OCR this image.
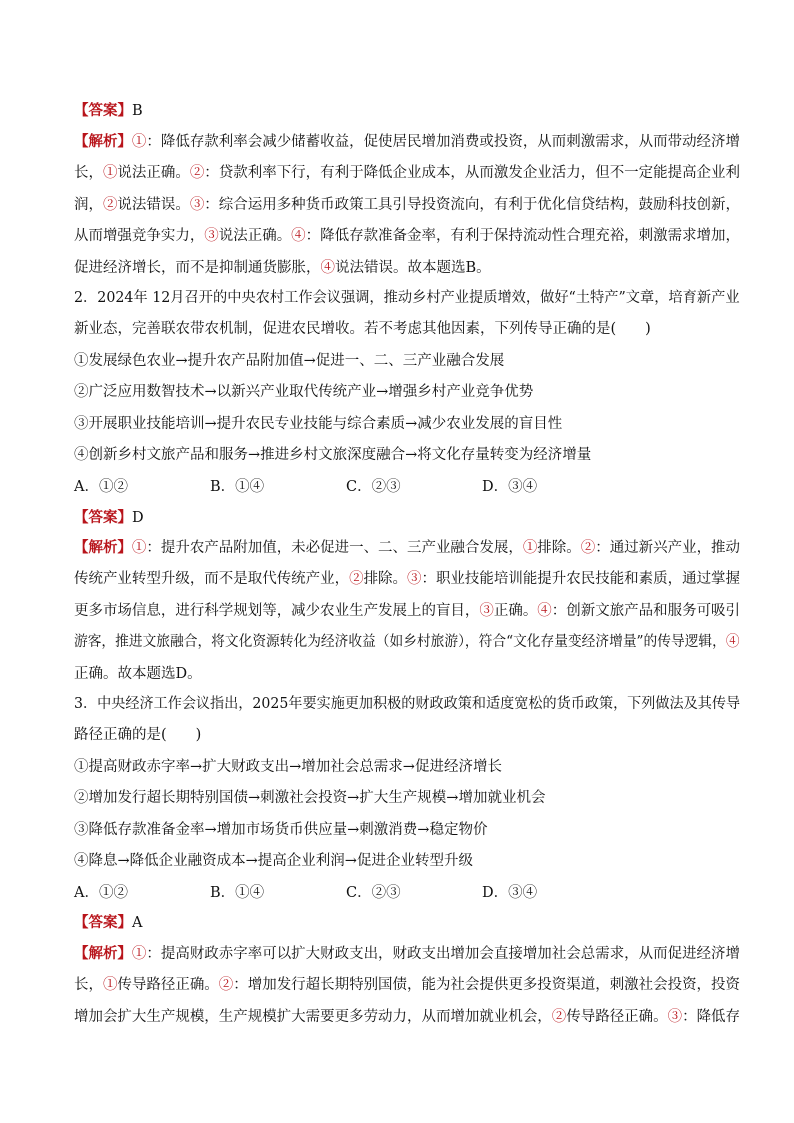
【答案】B
【解析】①：降低存款利率会减少储蓄收益，促使居民增加消费或投资，从而刺激需求，从而带动经济增
长，①说法正确。②：贷款利率下行，有利于降低企业成本，从而激发企业活力，但不一定能提高企业利
润，②说法错误。③：综合运用多种货币政策工具引导投资流向，有利于优化信贷结构，鼓励科技创新，
从而增强竞争实力，③说法正确。④：降低存款准备金率，有利于保持流动性合理充裕，刺激需求增加，
促进经济增长，而不是抑制通货膨胀，④说法错误。故本题选B。
2．2024年 12月召开的中央农村工作会议强调，推动乡村产业提质增效，做好“土特产”文章，培育新产业
新业态，完善联农带农机制，促进农民增收。若不考虑其他因素，下列传导正确的是(　　)
①发展绿色农业→提升农产品附加值→促进一、二、三产业融合发展
②广泛应用数智技术→以新兴产业取代传统产业→增强乡村产业竞争优势
③开展职业技能培训→提升农民专业技能与综合素质→减少农业发展的盲目性
④创新乡村文旅产品和服务→推进乡村文旅深度融合→将文化存量转变为经济增量
A．①②	B．①④	C．②③	D．③④
【答案】D
【解析】①：提升农产品附加值，未必促进一、二、三产业融合发展，①排除。②：通过新兴产业，推动
传统产业转型升级，而不是取代传统产业，②排除。③：职业技能培训能提升农民技能和素质，通过掌握
更多市场信息，进行科学规划等，减少农业生产发展上的盲目，③正确。④：创新文旅产品和服务可吸引
游客，推进文旅融合，将文化资源转化为经济收益（如乡村旅游），符合“文化存量变经济增量”的传导逻辑，④
正确。故本题选D。
3．中央经济工作会议指出，2025年要实施更加积极的财政政策和适度宽松的货币政策，下列做法及其传导
路径正确的是(　　)
①提高财政赤字率→扩大财政支出→增加社会总需求→促进经济增长
②增加发行超长期特别国债→刺激社会投资→扩大生产规模→增加就业机会
③降低存款准备金率→增加市场货币供应量→刺激消费→稳定物价
④降息→降低企业融资成本→提高企业利润→促进企业转型升级
A．①②	B．①④	C．②③	D．③④
【答案】A
【解析】①：提高财政赤字率可以扩大财政支出，财政支出增加会直接增加社会总需求，从而促进经济增
长，①传导路径正确。②：增加发行超长期特别国债，能为社会提供更多投资渠道，刺激社会投资，投资
增加会扩大生产规模，生产规模扩大需要更多劳动力，从而增加就业机会，②传导路径正确。③：降低存
